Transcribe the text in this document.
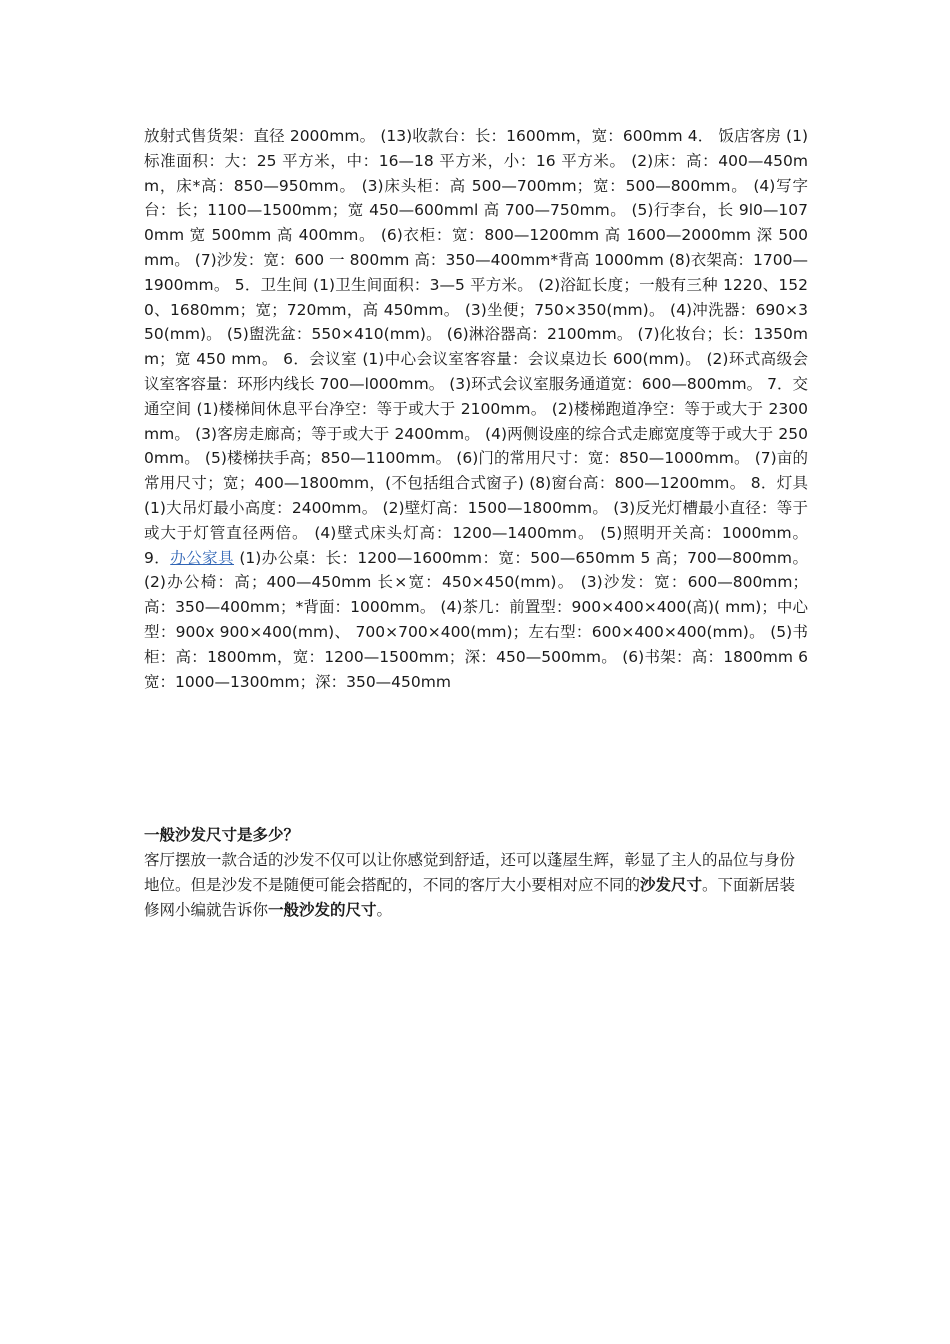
放射式售货架：直径 2000mm。 (13)收款台：长：1600mm，宽：600mm 4． 饭店客房 (1)标准面积：大：25 平方米，中：16—18 平方米，小：16 平方米。 (2)床：高：400—450mm，床*高：850—950mm。 (3)床头柜：高 500—700mm；宽：500—800mm。 (4)写字台：长；1100—1500mm；宽 450—600mml 高 700—750mm。 (5)行李台，长 9l0—1070mm 宽 500mm 高 400mm。 (6)衣柜：宽：800—1200mm 高 1600—2000mm 深 500mm。 (7)沙发：宽：600 一 800mm 高：350—400mm*背高 1000mm (8)衣架高：1700—1900mm。 5．卫生间 (1)卫生间面积：3—5 平方米。 (2)浴缸长度；一般有三种 1220、1520、1680mm；宽；720mm，高 450mm。 (3)坐便；750×350(mm)。 (4)冲洗器：690×350(mm)。 (5)盥洗盆：550×410(mm)。 (6)淋浴器高：2100mm。 (7)化妆台；长：1350mm；宽 450 mm。 6．会议室 (1)中心会议室客容量：会议桌边长 600(mm)。 (2)环式高级会议室客容量：环形内线长 700—l000mm。 (3)环式会议室服务通道宽：600—800mm。 7．交通空间 (1)楼梯间休息平台净空：等于或大于 2100mm。 (2)楼梯跑道净空：等于或大于 2300mm。 (3)客房走廊高；等于或大于 2400mm。 (4)两侧设座的综合式走廊宽度等于或大于 2500mm。 (5)楼梯扶手高；850—1100mm。 (6)门的常用尺寸：宽：850—1000mm。 (7)亩的常用尺寸；宽；400—1800mm，(不包括组合式窗子) (8)窗台高：800—1200mm。 8．灯具 (1)大吊灯最小高度：2400mm。 (2)壁灯高：1500—1800mm。 (3)反光灯槽最小直径：等于或大于灯管直径两倍。 (4)壁式床头灯高：1200—1400mm。 (5)照明开关高：1000mm。 9．办公家具 (1)办公桌：长：1200—1600mm：宽：500—650mm 5 高；700—800mm。 (2)办公椅：高；400—450mm 长×宽：450×450(mm)。 (3)沙发：宽：600—800mm；高：350—400mm；*背面：1000mm。 (4)茶几：前置型：900×400×400(高)( mm)；中心型：900x 900×400(mm)、 700×700×400(mm)；左右型：600×400×400(mm)。 (5)书柜：高：1800mm，宽：1200—1500mm；深：450—500mm。 (6)书架：高：1800mm 6 宽：1000—1300mm；深：350—450mm

一般沙发尺寸是多少？

客厅摆放一款合适的沙发不仅可以让你感觉到舒适，还可以蓬屋生辉，彰显了主人的品位与身份地位。但是沙发不是随便可能会搭配的，不同的客厅大小要相对应不同的沙发尺寸。下面新居装修网小编就告诉你一般沙发的尺寸。
